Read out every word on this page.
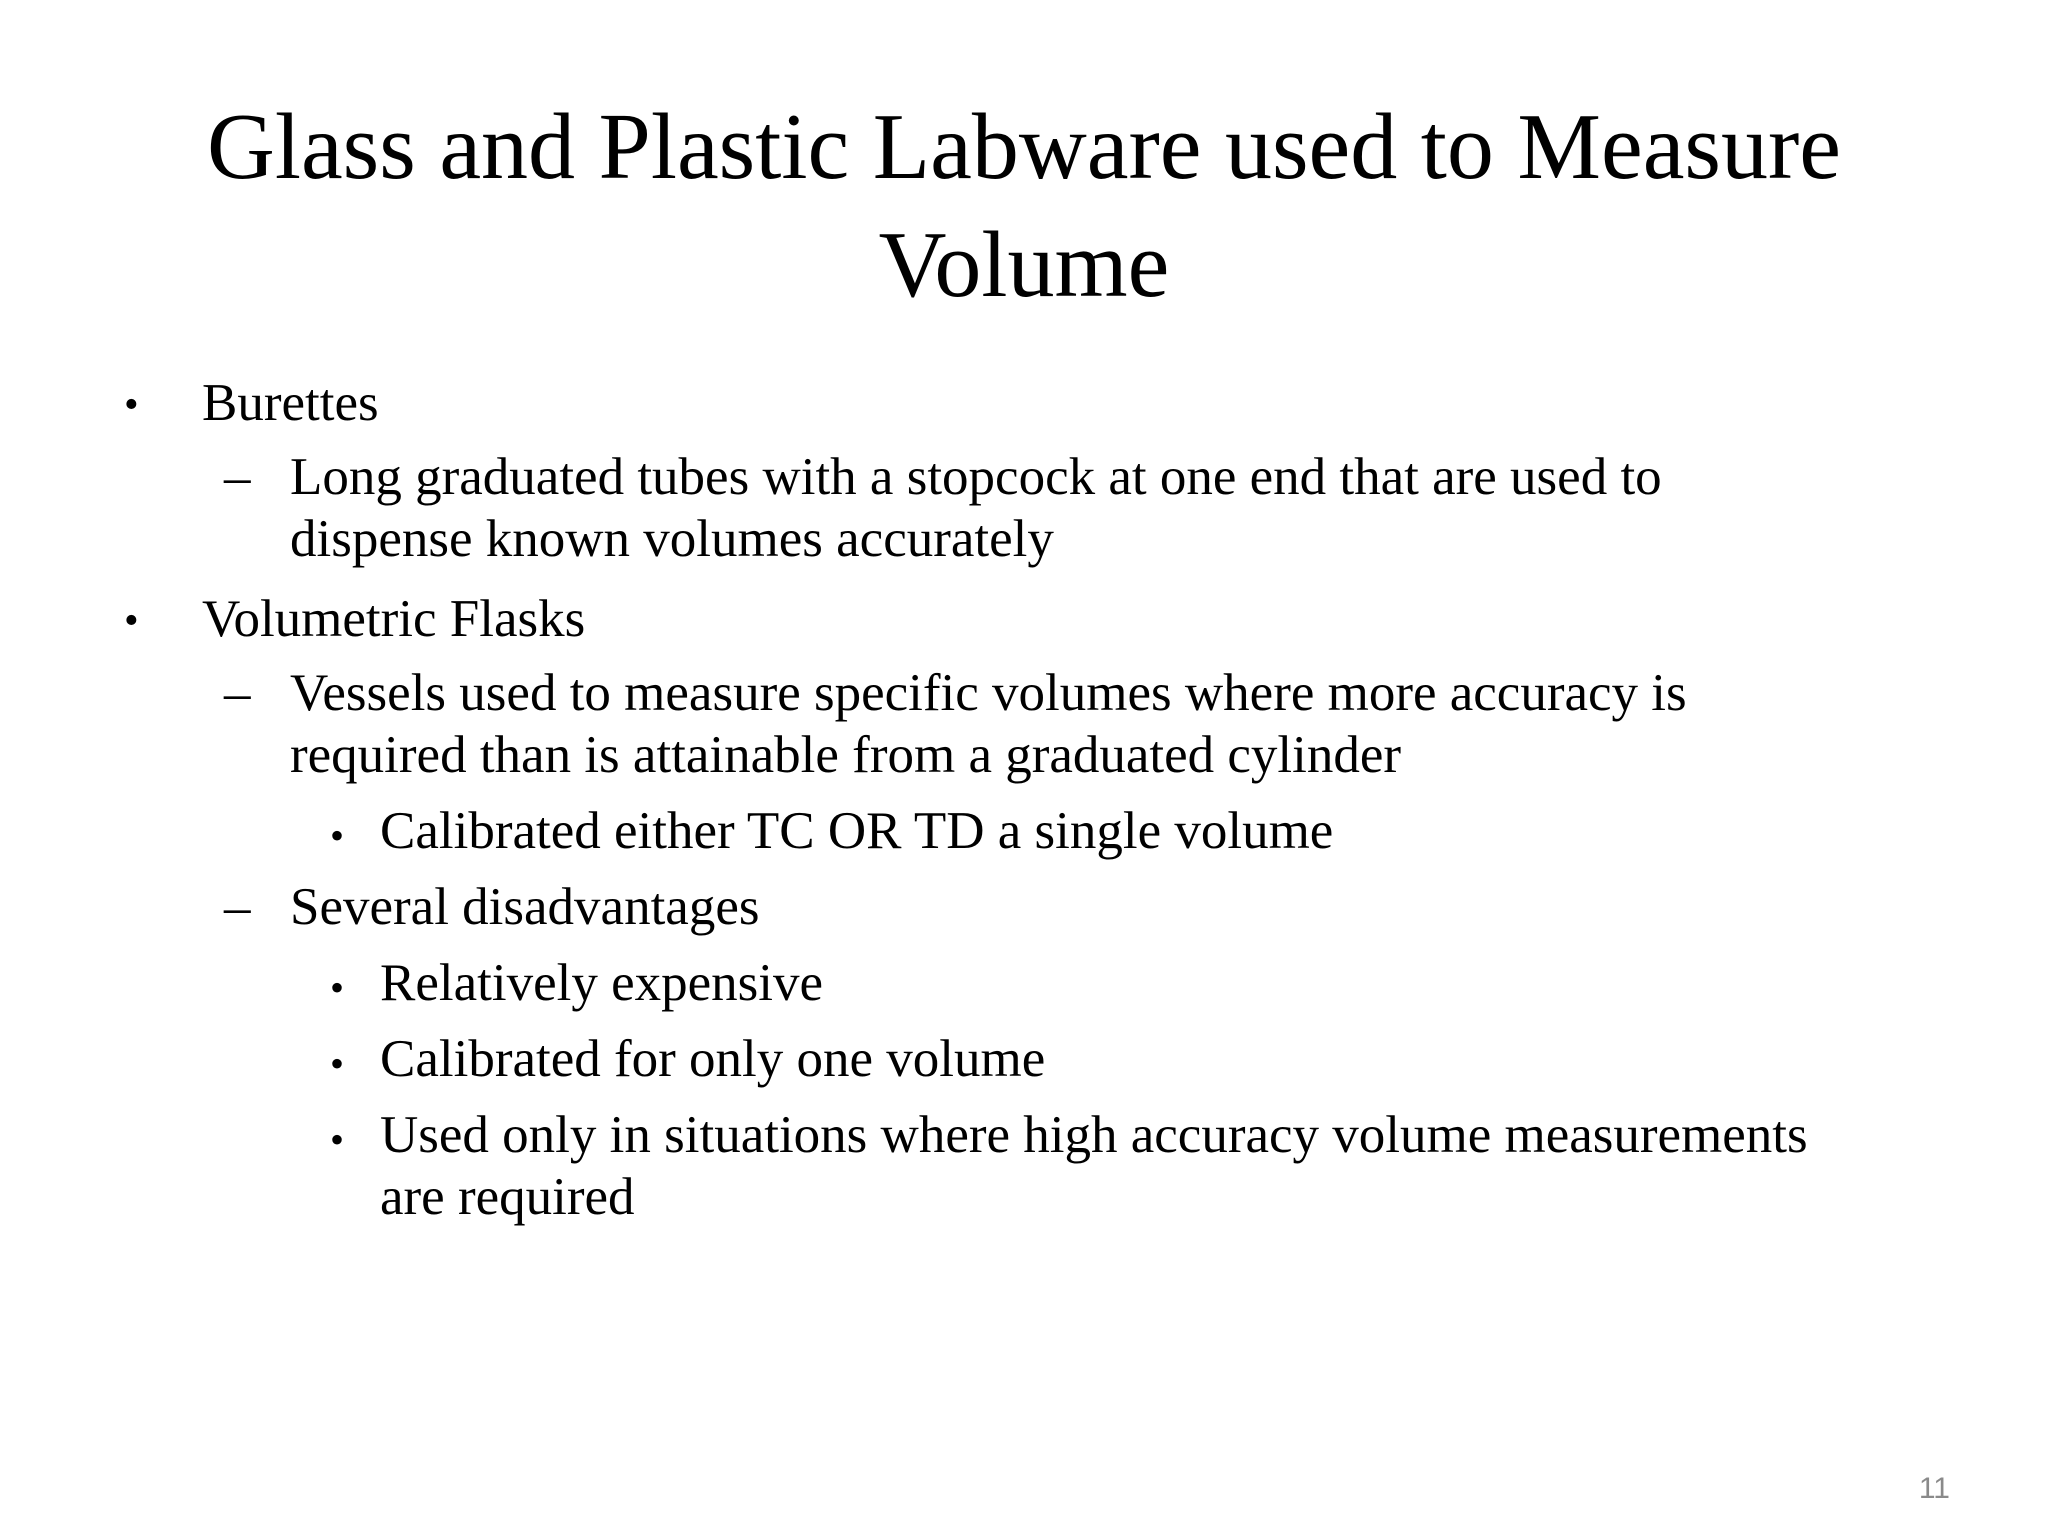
Glass and Plastic Labware used to Measure
Volume
• Burettes
– Long graduated tubes with a stopcock at one end that are used to
dispense known volumes accurately
• Volumetric Flasks
– Vessels used to measure specific volumes where more accuracy is
required than is attainable from a graduated cylinder
• Calibrated either TC OR TD a single volume
– Several disadvantages
• Relatively expensive
• Calibrated for only one volume
• Used only in situations where high accuracy volume measurements
are required
11
